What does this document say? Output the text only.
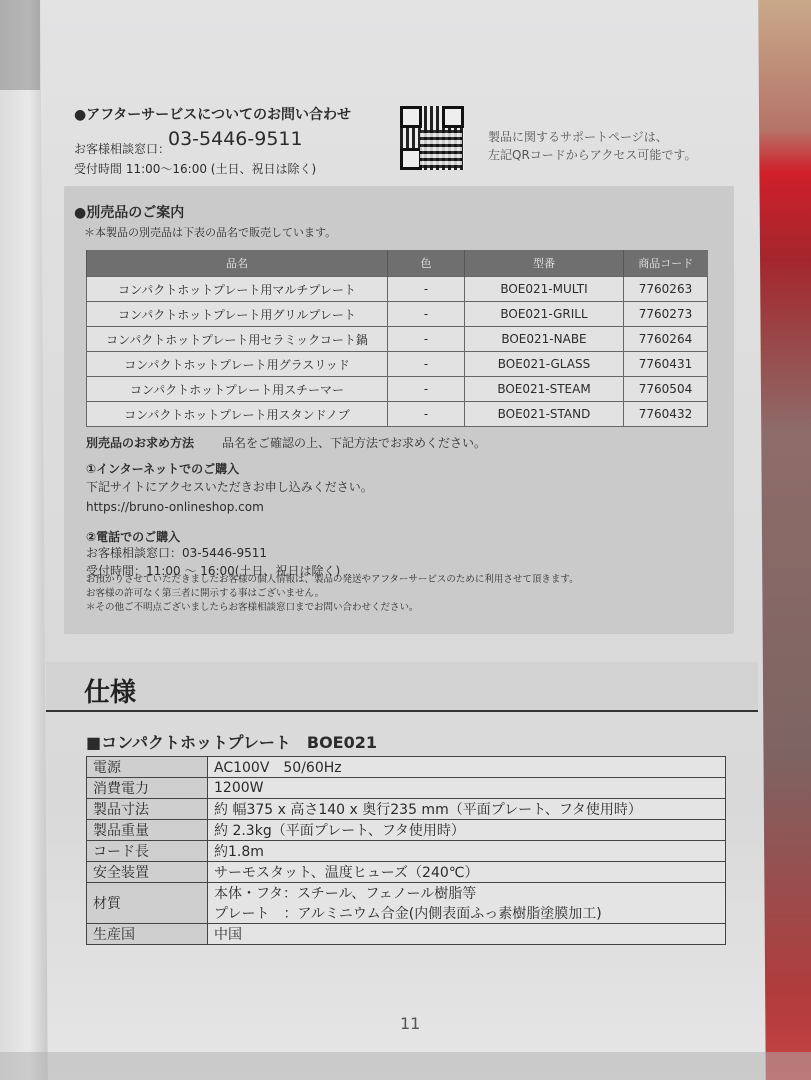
●アフターサービスについてのお問い合わせ
お客様相談窓口：
03-5446-9511
受付時間 11:00～16:00 (土日、祝日は除く)
製品に関するサポートページは、
左記QRコードからアクセス可能です。
●別売品のご案内
＊本製品の別売品は下表の品名で販売しています。
品名	色	型番	商品コード
コンパクトホットプレート用マルチプレート	-	BOE021-MULTI	7760263
コンパクトホットプレート用グリルプレート	-	BOE021-GRILL	7760273
コンパクトホットプレート用セラミックコート鍋	-	BOE021-NABE	7760264
コンパクトホットプレート用グラスリッド	-	BOE021-GLASS	7760431
コンパクトホットプレート用スチーマー	-	BOE021-STEAM	7760504
コンパクトホットプレート用スタンドノブ	-	BOE021-STAND	7760432
別売品のお求め方法 品名をご確認の上、下記方法でお求めください。
①インターネットでのご購入
下記サイトにアクセスいただきお申し込みください。
https://bruno-onlineshop.com
②電話でのご購入
お客様相談窓口：03-5446-9511
受付時間：11:00 ～ 16:00(土日、祝日は除く)
お預かりさせていただきましたお客様の個人情報は、製品の発送やアフターサービスのために利用させて頂きます。
お客様の許可なく第三者に開示する事はございません。
＊その他ご不明点ございましたらお客様相談窓口までお問い合わせください。
仕様
■コンパクトホットプレート　BOE021
電源	AC100V　50/60Hz
消費電力	1200W
製品寸法	約 幅375 x 高さ140 x 奥行235 mm（平面プレート、フタ使用時）
製品重量	約 2.3kg（平面プレート、フタ使用時）
コード長	約1.8m
安全装置	サーモスタット、温度ヒューズ（240℃）
材質	本体・フタ：スチール、フェノール樹脂等
	プレート　：アルミニウム合金(内側表面ふっ素樹脂塗膜加工)
生産国	中国
11
